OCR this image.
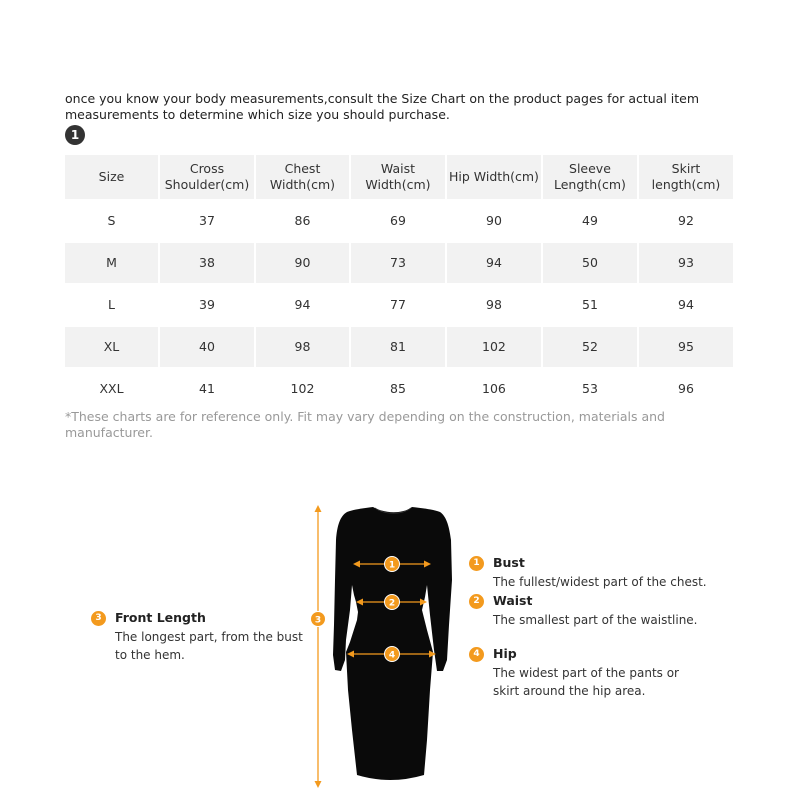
once you know your body measurements,consult the Size Chart on the product pages for actual item measurements to determine which size you should purchase.

1
Size	Cross Shoulder(cm)	Chest Width(cm)	Waist Width(cm)	Hip Width(cm)	Sleeve Length(cm)	Skirt length(cm)
S	37	86	69	90	49	92
M	38	90	73	94	50	93
L	39	94	77	98	51	94
XL	40	98	81	102	52	95
XXL	41	102	85	106	53	96

*These charts are for reference only. Fit may vary depending on the construction, materials and manufacturer.

1
2
4
3
3	Front Length
The longest part, from the bust to the hem.
1	Bust
The fullest/widest part of the chest.
2	Waist
The smallest part of the waistline.
4	Hip
The widest part of the pants or skirt around the hip area.
